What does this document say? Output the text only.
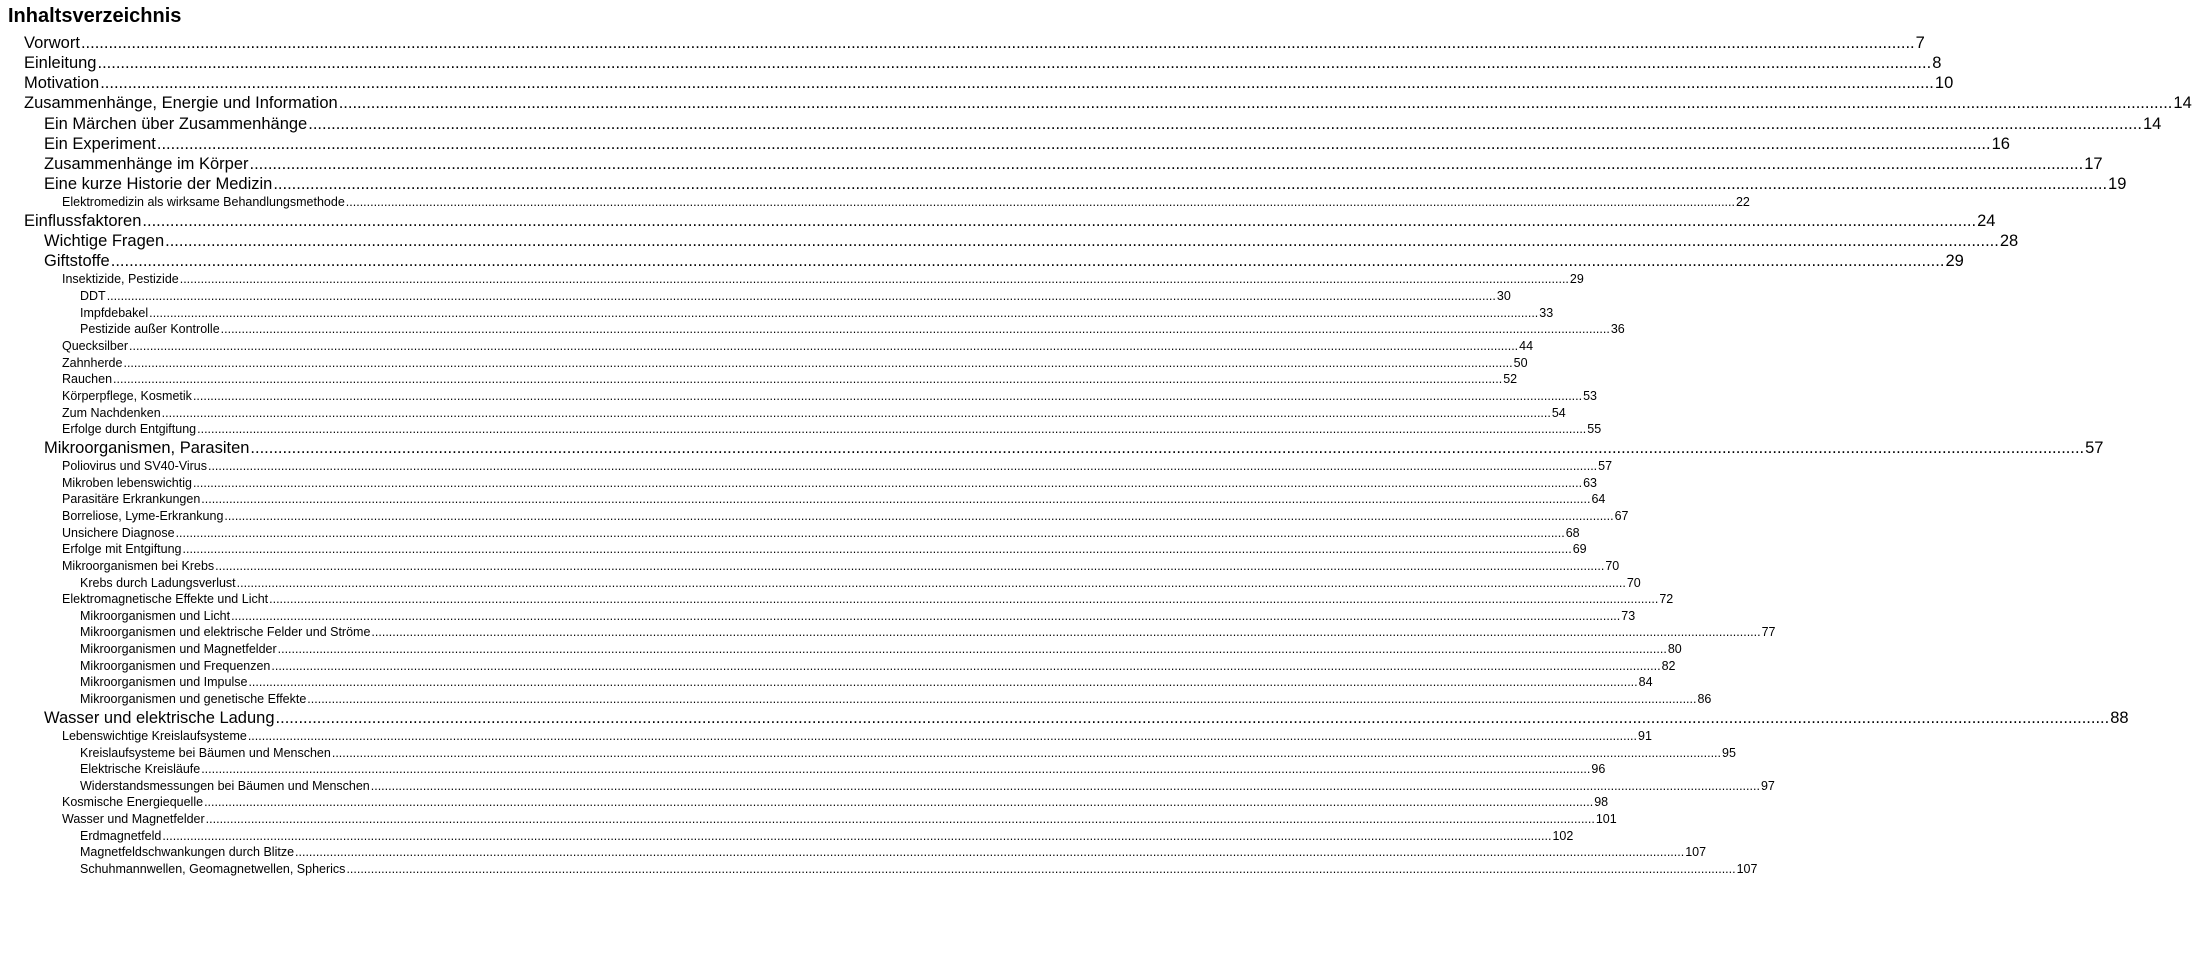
Inhaltsverzeichnis
Vorwort ................................................................................................................................................................................................................................................................................................................................................................................................................ 7
Einleitung ................................................................................................................................................................................................................................................................................................................................................................................................................ 8
Motivation ................................................................................................................................................................................................................................................................................................................................................................................................................ 10
Zusammenhänge, Energie und Information ................................................................................................................................................................................................................................................................................................................................................................................................................ 14
Ein Märchen über Zusammenhänge ................................................................................................................................................................................................................................................................................................................................................................................................................ 14
Ein Experiment ................................................................................................................................................................................................................................................................................................................................................................................................................ 16
Zusammenhänge im Körper ................................................................................................................................................................................................................................................................................................................................................................................................................ 17
Eine kurze Historie der Medizin ................................................................................................................................................................................................................................................................................................................................................................................................................ 19
Elektromedizin als wirksame Behandlungsmethode ................................................................................................................................................................................................................................................................................................................................................................................................................ 22
Einflussfaktoren ................................................................................................................................................................................................................................................................................................................................................................................................................ 24
Wichtige Fragen ................................................................................................................................................................................................................................................................................................................................................................................................................ 28
Giftstoffe ................................................................................................................................................................................................................................................................................................................................................................................................................ 29
Insektizide, Pestizide ................................................................................................................................................................................................................................................................................................................................................................................................................ 29
DDT ................................................................................................................................................................................................................................................................................................................................................................................................................ 30
Impfdebakel ................................................................................................................................................................................................................................................................................................................................................................................................................ 33
Pestizide außer Kontrolle ................................................................................................................................................................................................................................................................................................................................................................................................................ 36
Quecksilber ................................................................................................................................................................................................................................................................................................................................................................................................................ 44
Zahnherde ................................................................................................................................................................................................................................................................................................................................................................................................................ 50
Rauchen ................................................................................................................................................................................................................................................................................................................................................................................................................ 52
Körperpflege, Kosmetik ................................................................................................................................................................................................................................................................................................................................................................................................................ 53
Zum Nachdenken ................................................................................................................................................................................................................................................................................................................................................................................................................ 54
Erfolge durch Entgiftung ................................................................................................................................................................................................................................................................................................................................................................................................................ 55
Mikroorganismen, Parasiten ................................................................................................................................................................................................................................................................................................................................................................................................................ 57
Poliovirus und SV40-Virus ................................................................................................................................................................................................................................................................................................................................................................................................................ 57
Mikroben lebenswichtig ................................................................................................................................................................................................................................................................................................................................................................................................................ 63
Parasitäre Erkrankungen ................................................................................................................................................................................................................................................................................................................................................................................................................ 64
Borreliose, Lyme-Erkrankung ................................................................................................................................................................................................................................................................................................................................................................................................................ 67
Unsichere Diagnose ................................................................................................................................................................................................................................................................................................................................................................................................................ 68
Erfolge mit Entgiftung ................................................................................................................................................................................................................................................................................................................................................................................................................ 69
Mikroorganismen bei Krebs ................................................................................................................................................................................................................................................................................................................................................................................................................ 70
Krebs durch Ladungsverlust ................................................................................................................................................................................................................................................................................................................................................................................................................ 70
Elektromagnetische Effekte und Licht ................................................................................................................................................................................................................................................................................................................................................................................................................ 72
Mikroorganismen und Licht ................................................................................................................................................................................................................................................................................................................................................................................................................ 73
Mikroorganismen und elektrische Felder und Ströme ................................................................................................................................................................................................................................................................................................................................................................................................................ 77
Mikroorganismen und Magnetfelder ................................................................................................................................................................................................................................................................................................................................................................................................................ 80
Mikroorganismen und Frequenzen ................................................................................................................................................................................................................................................................................................................................................................................................................ 82
Mikroorganismen und Impulse ................................................................................................................................................................................................................................................................................................................................................................................................................ 84
Mikroorganismen und genetische Effekte ................................................................................................................................................................................................................................................................................................................................................................................................................ 86
Wasser und elektrische Ladung ................................................................................................................................................................................................................................................................................................................................................................................................................ 88
Lebenswichtige Kreislaufsysteme ................................................................................................................................................................................................................................................................................................................................................................................................................ 91
Kreislaufsysteme bei Bäumen und Menschen ................................................................................................................................................................................................................................................................................................................................................................................................................ 95
Elektrische Kreisläufe ................................................................................................................................................................................................................................................................................................................................................................................................................ 96
Widerstandsmessungen bei Bäumen und Menschen ................................................................................................................................................................................................................................................................................................................................................................................................................ 97
Kosmische Energiequelle ................................................................................................................................................................................................................................................................................................................................................................................................................ 98
Wasser und Magnetfelder ................................................................................................................................................................................................................................................................................................................................................................................................................ 101
Erdmagnetfeld ................................................................................................................................................................................................................................................................................................................................................................................................................ 102
Magnetfeldschwankungen durch Blitze ................................................................................................................................................................................................................................................................................................................................................................................................................ 107
Schuhmannwellen, Geomagnetwellen, Spherics ................................................................................................................................................................................................................................................................................................................................................................................................................ 107
